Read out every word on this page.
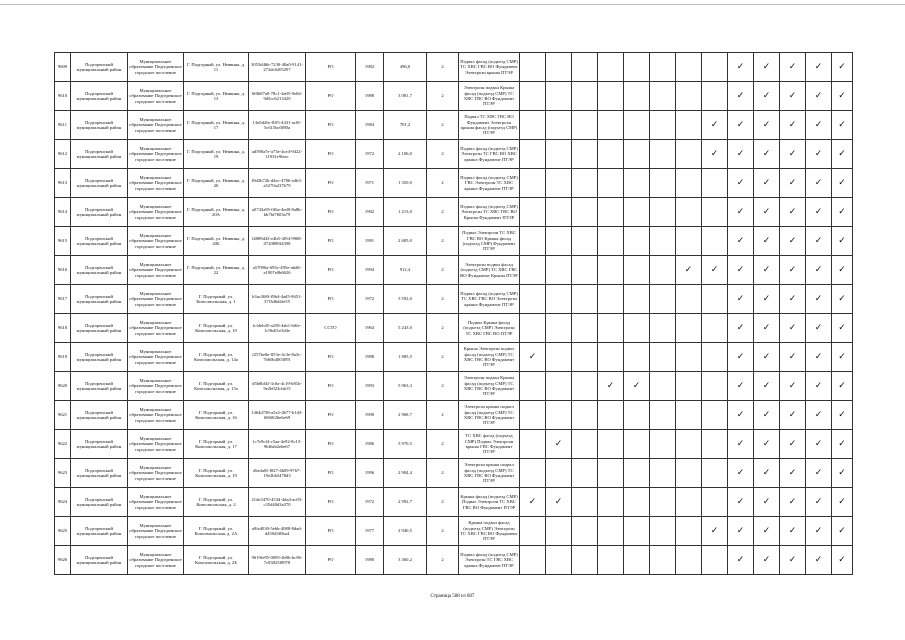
9609	Подгоренский муниципальный район	Муниципальное образование Подгоренское городское поселение	Г. Подгорный, ул. Неявина, д. 11	3053d46b-7230-40a0-9141-272dc6205297	РО	1982	496,0	2	Подвал фасад (подъезд СМР) ТС ХВС ГВС ВО Фундамент Электроэн крыша ПТЭР									✓	✓	✓	✓	✓
9610	Подгоренский муниципальный район	Муниципальное образование Подгоренское городское поселение	Г. Подгорный, ул. Неявина, д. 13	6f0b87a0-78c1-4a05-9e0d-9d5cc6213420	РО	1988	3 081,7	2	Электроэн подвал Крыша фасад (подъезд СМР) ТС ХВС ГВС ВО Фундамент ПТЭР									✓	✓	✓	✓	✓
9611	Подгоренский муниципальный район	Муниципальное образование Подгоренское городское поселение	Г. Подгорный, ул. Неявина, д. 17	13e0d26c-8ff5-4431-ac0f-5c615bc0f80a	РО	1984	701,2	2	Подвал ТС ХВС ГВС ВО Фундамент Электроэн крыша фасад (подъезд СМР) ПТЭР								✓	✓	✓	✓	✓	✓
9612	Подгоренский муниципальный район	Муниципальное образование Подгоренское городское поселение	Г. Подгорный, ул. Неявина, д. 19	ad590a7e-a73e-4ce4-9422-11931e9feac	РО	1972	2 106,0	2	Подвал фасад (подъезд СМР) Электроэн ТС ГВС ВО ХВС крыша Фундамент ПТЭР								✓	✓	✓	✓	✓	✓
9613	Подгоренский муниципальный район	Муниципальное образование Подгоренское городское поселение	Г. Подгорный, ул. Неявина, д. 20	f0d2b72b-d4ec-4786-a4b3-a5270a237b79	РО	1971	1 350,0	2	Подвал фасад (подъезд СМР) ГВС Электроэн ТС ХВС крыша Фундамент ПТЭР									✓	✓	✓	✓	✓
9614	Подгоренский муниципальный район	Муниципальное образование Подгоренское городское поселение	Г. Подгорный, ул. Неявина, д. 20А	a0743a95-0f6a-4ed0-8a8b-bb7bf7603a79	РО	1982	1 213,0	2	Подвал фасад (подъезд СМР) Электроэн ТС ХВС ГВС ВО Крыша Фундамент ПТЭР									✓	✓	✓	✓	✓
9615	Подгоренский муниципальный район	Муниципальное образование Подгоренское городское поселение	Г. Подгорный, ул. Неявина, д. 20Б	f4889d43-e4b5-4f94-9968-0720889f4398	РО	1991	2 685,0	2	Подвал Электроэн ТС ХВС ГВС ВО Крыша фасад (подъезд СМР) Фундамент ПТЭР									✓	✓	✓	✓	✓
9616	Подгоренский муниципальный район	Муниципальное образование Подгоренское городское поселение	Г. Подгорный, ул. Неявина, д. 22	a57096a-693c-495e-abd6-a1907e0b6626	РО	1994	912,4	2	Электроэн подвал фасад (подъезд СМР) ТС ХВС ГВС ВО Фундамент Крыша ПТЭР							✓	✓	✓	✓	✓	✓	✓
9617	Подгоренский муниципальный район	Муниципальное образование Подгоренское городское поселение	Г. Подгорный, ул. Комсомольская, д. 1	b3ac368f-f9b4-4ad5-9651-37f3d6d4fe55	РО	1972	5 592,0	2	Подвал фасад (подъезд СМР) ТС ХВС ГВС ВО Электроэн крыша Фундамент ПТЭР									✓	✓	✓	✓	✓
9618	Подгоренский муниципальный район	Муниципальное образование Подгоренское городское поселение	Г. Подгорный, ул. Комсомольская, д. 10	fcf4eb45-a258-4ab1-b0fe-1c9b4f1e5d4e	ССТО	1964	5 243,0	2	Подвал Крыша фасад (подъезд СМР) Электроэн ТС ХВС ГВС ВО ПТЭР									✓	✓	✓	✓	✓
9619	Подгоренский муниципальный район	Муниципальное образование Подгоренское городское поселение	Г. Подгорный, ул. Комсомольская, д. 14а	f257be8e-853e-4c3e-8a3c-7b60b4003091	РО	1988	1 885,5	2	Крыша Электроэн подвал фасад (подъезд СМР) ТС ХВС ГВС ВО Фундамент ПТЭР	✓								✓	✓	✓	✓	✓
9620	Подгоренский муниципальный район	Муниципальное образование Подгоренское городское поселение	Г. Подгорный, ул. Комсомольская, д. 15а	d5b8bf4f-3c0a-4c19-b81b-9e2b023cbb15	РО	1993	5 963,3	2	Электроэн подвал Крыша фасад (подъезд СМР) ТС ХВС ГВС ВО Фундамент ПТЭР				✓	✓				✓	✓	✓	✓	✓
9621	Подгоренский муниципальный район	Муниципальное образование Подгоренское городское поселение	Г. Подгорный, ул. Комсомольская, д. 16	1464d738-a5e2-4b77-b1d3-6060f26e6e69	РО	1990	2 968,7	2	Электроэн крыша подвал фасад (подъезд СМР) ТС ХВС ГВС ВО Фундамент ПТЭР									✓	✓	✓	✓	✓
9622	Подгоренский муниципальный район	Муниципальное образование Подгоренское городское поселение	Г. Подгорный, ул. Комсомольская, д. 17	1c7e9cf4-c5aa-4e92-8c13-9bf6ab2ebe67	РО	1986	5 970,5	2	ТС ХВС фасад (подъезд СМР) Подвал Электроэн крыша ГВС Фундамент ПТЭР		✓							✓	✓	✓	✓	✓
9623	Подгоренский муниципальный район	Муниципальное образование Подгоренское городское поселение	Г. Подгорный, ул. Комсомольская, д. 19	dbe4a8f-f827-4b09-9767-19e2bb5478d3	РО	1996	2 904,4	2	Электроэн крыша подвал фасад (подъезд СМР) ТС ХВС ГВС ВО Фундамент ПТЭР									✓	✓	✓	✓	✓
9624	Подгоренский муниципальный район	Муниципальное образование Подгоренское городское поселение	Г. Подгорный, ул. Комсомольская, д. 2	21de3470-453d-4da4-ac03-c35d40d3a370	РО	1972	2 992,7	2	Крыша фасад (подъезд СМР) Подвал Электроэн ТС ХВС ГВС ВО Фундамент ПТЭР	✓	✓							✓	✓	✓	✓	✓
9625	Подгоренский муниципальный район	Муниципальное образование Подгоренское городское поселение	Г. Подгорный, ул. Комсомольская, д. 2А	a9fe4030-5ebb-4088-8dad-d450d3f0ba4	РО	1977	2 940,5	2	Крыша подвал фасад (подъезд СМР) Электроэн ТС ХВС ГВС ВО Фундамент ПТЭР								✓	✓	✓	✓	✓	✓
9626	Подгоренский муниципальный район	Муниципальное образование Подгоренское городское поселение	Г. Подгорный, ул. Комсомольская, д. 2Б	9619fe95-0095-4b9b-bc96-7c03825f8978	РО	1980	3 360,2	2	Подвал фасад (подъезд СМР) Электроэн ТС ГВС ХВС крыша Фундамент ПТЭР									✓	✓	✓	✓	✓
Страница 588 из 687
